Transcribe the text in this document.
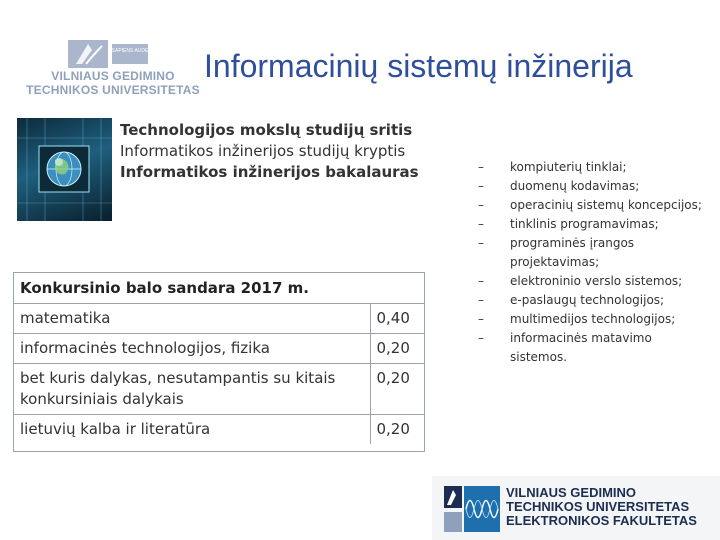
SAPIENS AUDE
VILNIAUS GEDIMINO
TECHNIKOS UNIVERSITETAS
Informacinių sistemų inžinerija
Technologijos mokslų studijų sritis
Informatikos inžinerijos studijų kryptis
Informatikos inžinerijos bakalauras
Konkursinio balo sandara 2017 m.
matematika	0,40
informacinės technologijos, fizika	0,20
bet kuris dalykas, nesutampantis su kitais konkursiniais dalykais	0,20
lietuvių kalba ir literatūra	0,20
– kompiuterių tinklai;
– duomenų kodavimas;
– operacinių sistemų koncepcijos;
– tinklinis programavimas;
– programinės įrangos projektavimas;
– elektroninio verslo sistemos;
– e-paslaugų technologijos;
– multimedijos technologijos;
– informacinės matavimo sistemos.
VILNIAUS GEDIMINO
TECHNIKOS UNIVERSITETAS
ELEKTRONIKOS FAKULTETAS
